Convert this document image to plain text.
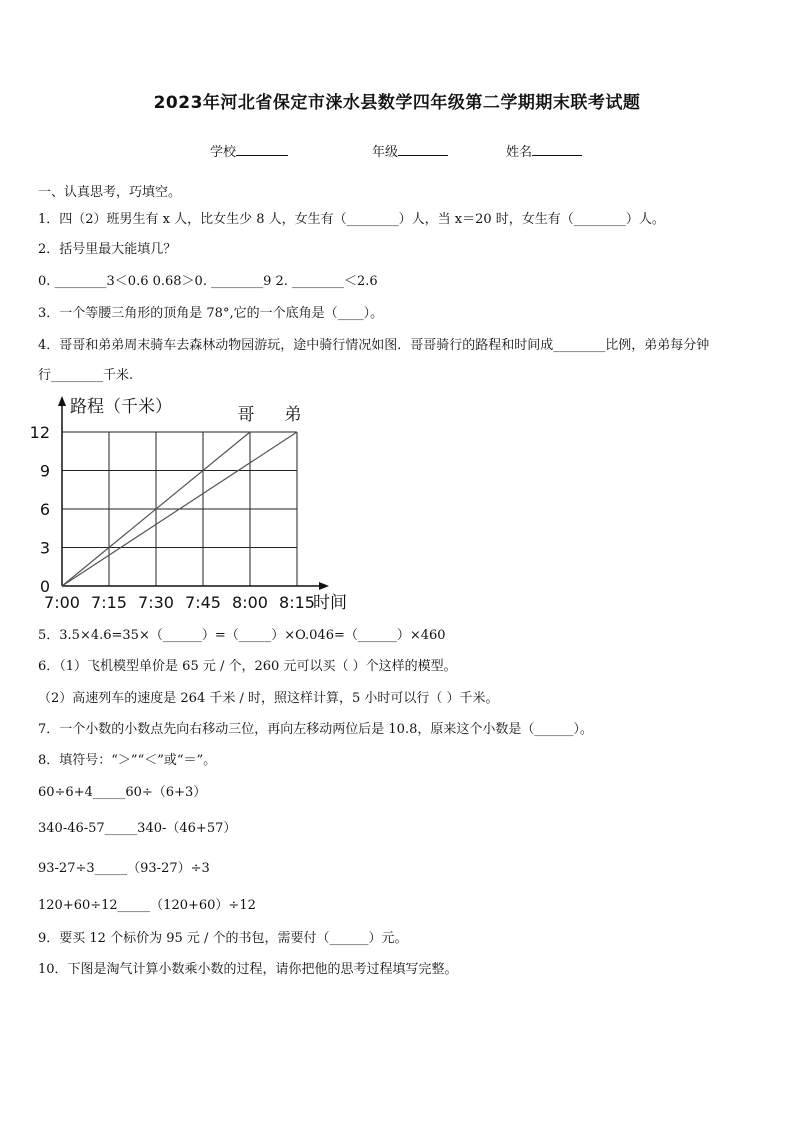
2023年河北省保定市涞水县数学四年级第二学期期末联考试题
学校	年级	姓名
一、认真思考，巧填空。
1．四（2）班男生有 x 人，比女生少 8 人，女生有（________）人，当 x＝20 时，女生有（________）人。
2．括号里最大能填几？
0. ________3＜0.6 0.68＞0. ________9 2. ________＜2.6
3．一个等腰三角形的顶角是 78°,它的一个底角是（____）。
4．哥哥和弟弟周末骑车去森林动物园游玩，途中骑行情况如图．哥哥骑行的路程和时间成________比例，弟弟每分钟
行________千米.
0
3
6
9
12
7:00 7:15 7:30 7:45 8:00 8:15
路程（千米）
时间
哥 弟
5．3.5×4.6=35×（______）=（_____）×O.046=（______）×460
6．（1）飞机模型单价是 65 元 / 个，260 元可以买（ ）个这样的模型。
（2）高速列车的速度是 264 千米 / 时，照这样计算，5 小时可以行（ ）千米。
7．一个小数的小数点先向右移动三位，再向左移动两位后是 10.8，原来这个小数是（______）。
8．填符号：“＞”“＜”或“＝”。
60÷6+4_____60÷（6+3）
340-46-57_____340-（46+57）
93-27÷3_____（93-27）÷3
120+60÷12_____（120+60）÷12
9．要买 12 个标价为 95 元 / 个的书包，需要付（______）元。
10．下图是淘气计算小数乘小数的过程，请你把他的思考过程填写完整。
